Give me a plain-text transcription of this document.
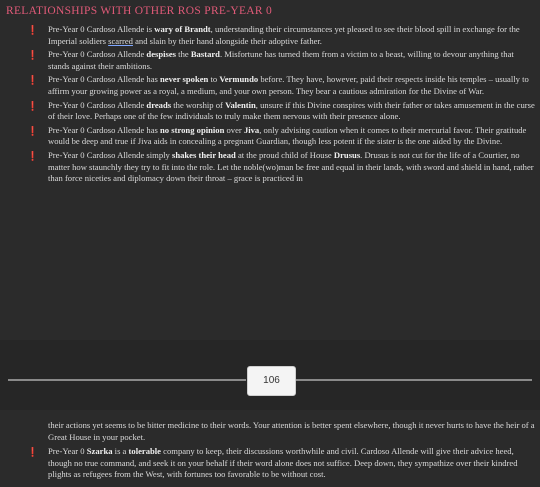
RELATIONSHIPS WITH OTHER ROS PRE-YEAR 0
❗ Pre-Year 0 Cardoso Allende is wary of Brandt, understanding their circumstances yet pleased to see their blood spill in exchange for the Imperial soldiers scarred and slain by their hand alongside their adoptive father.
❗ Pre-Year 0 Cardoso Allende despises the Bastard. Misfortune has turned them from a victim to a beast, willing to devour anything that stands against their ambitions.
❗ Pre-Year 0 Cardoso Allende has never spoken to Vermundo before. They have, however, paid their respects inside his temples – usually to affirm your growing power as a royal, a medium, and your own person. They bear a cautious admiration for the Divine of War.
❗ Pre-Year 0 Cardoso Allende dreads the worship of Valentin, unsure if this Divine conspires with their father or takes amusement in the curse of their love. Perhaps one of the few individuals to truly make them nervous with their presence alone.
❗ Pre-Year 0 Cardoso Allende has no strong opinion over Jiva, only advising caution when it comes to their mercurial favor. Their gratitude would be deep and true if Jiva aids in concealing a pregnant Guardian, though less potent if the sister is the one aided by the Divine.
❗ Pre-Year 0 Cardoso Allende simply shakes their head at the proud child of House Drusus. Drusus is not cut for the life of a Courtier, no matter how staunchly they try to fit into the role. Let the noble(wo)man be free and equal in their lands, with sword and shield in hand, rather than force niceties and diplomacy down their throat – grace is practiced in
106
their actions yet seems to be bitter medicine to their words. Your attention is better spent elsewhere, though it never hurts to have the heir of a Great House in your pocket.
❗ Pre-Year 0 Szarka is a tolerable company to keep, their discussions worthwhile and civil. Cardoso Allende will give their advice heed, though no true command, and seek it on your behalf if their word alone does not suffice. Deep down, they sympathize over their kindred plights as refugees from the West, with fortunes too favorable to be without cost.
